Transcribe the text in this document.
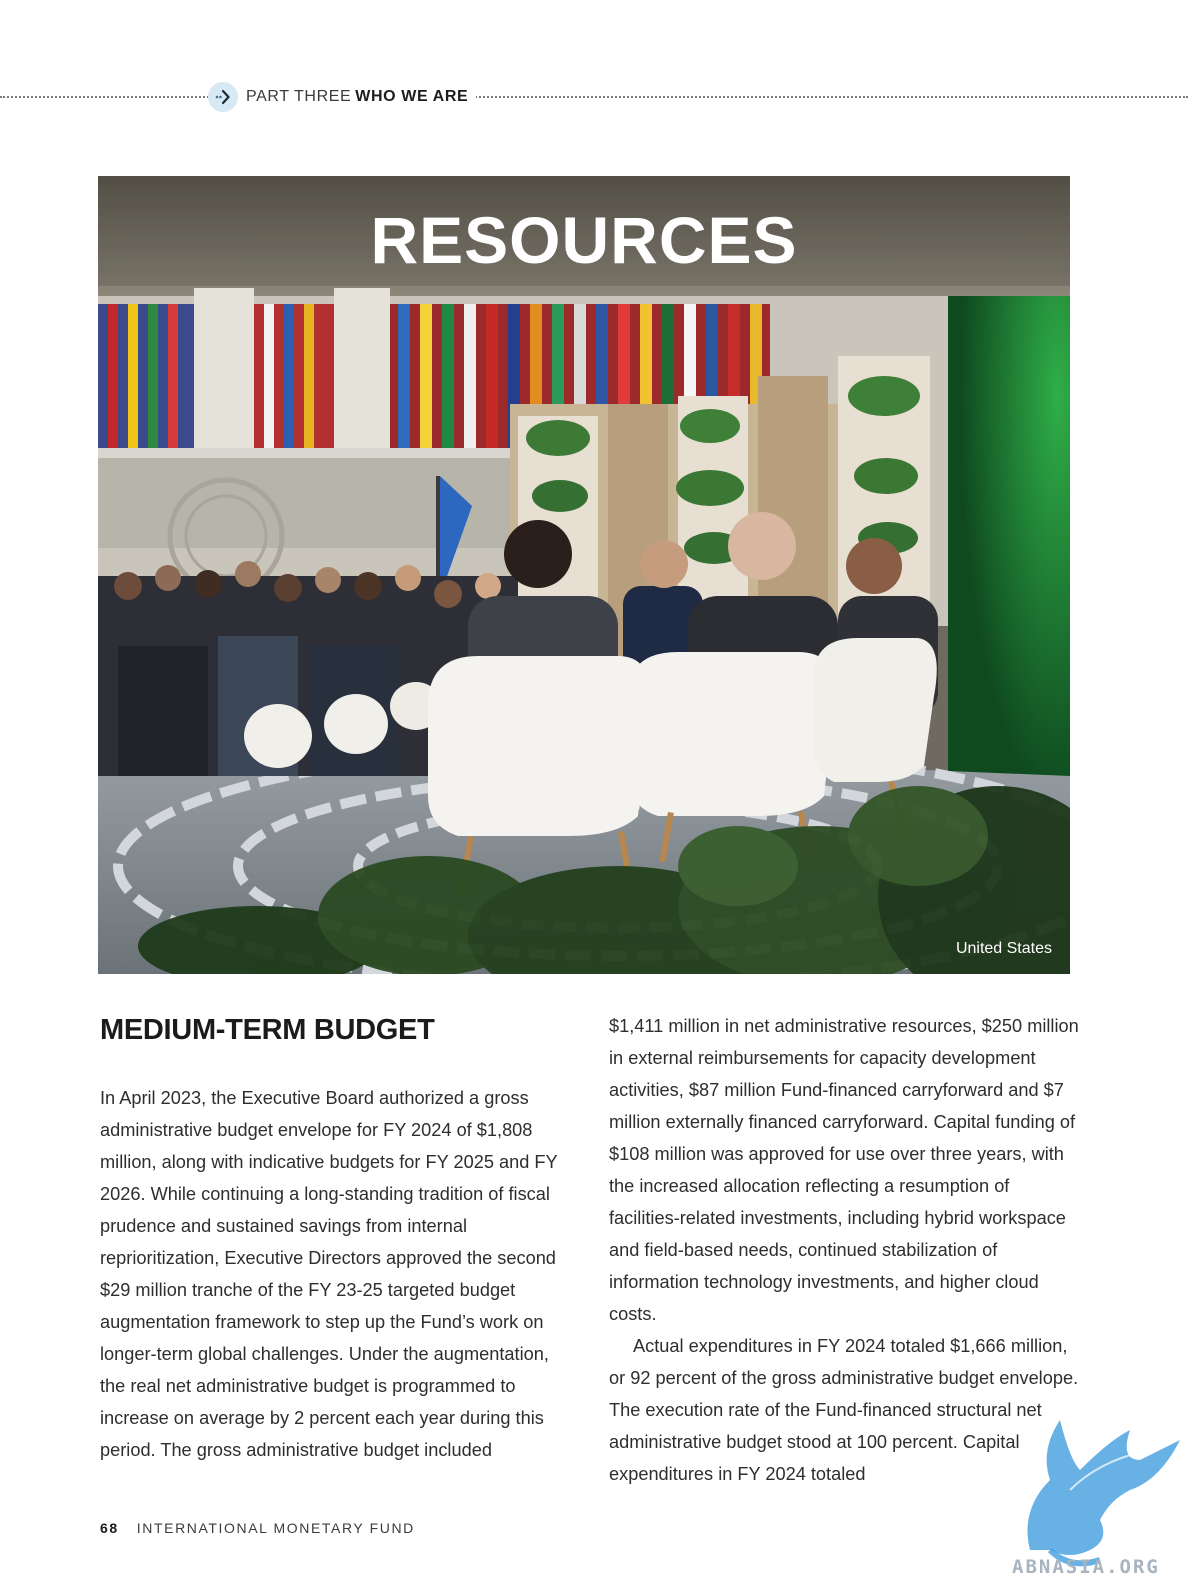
PART THREE WHO WE ARE
RESOURCES
United States
MEDIUM-TERM BUDGET

In April 2023, the Executive Board authorized a gross administrative budget envelope for FY 2024 of $1,808 million, along with indicative budgets for FY 2025 and FY 2026. While continuing a long-standing tradition of fiscal prudence and sustained savings from internal reprioritization, Executive Directors approved the second $29 million tranche of the FY 23-25 targeted budget augmentation framework to step up the Fund’s work on longer-term global challenges. Under the augmentation, the real net administrative budget is programmed to increase on average by 2 percent each year during this period. The gross administrative budget included

$1,411 million in net administrative resources, $250 million in external reimbursements for capacity development activities, $87 million Fund-financed carryforward and $7 million externally financed carryforward. Capital funding of $108 million was approved for use over three years, with the increased allocation reflecting a resumption of facilities-related investments, including hybrid workspace and field-based needs, continued stabilization of information technology investments, and higher cloud costs.

Actual expenditures in FY 2024 totaled $1,666 million, or 92 percent of the gross administrative budget envelope. The execution rate of the Fund-financed structural net administrative budget stood at 100 percent. Capital expenditures in FY 2024 totaled

68 INTERNATIONAL MONETARY FUND
ABNASIA.ORG
